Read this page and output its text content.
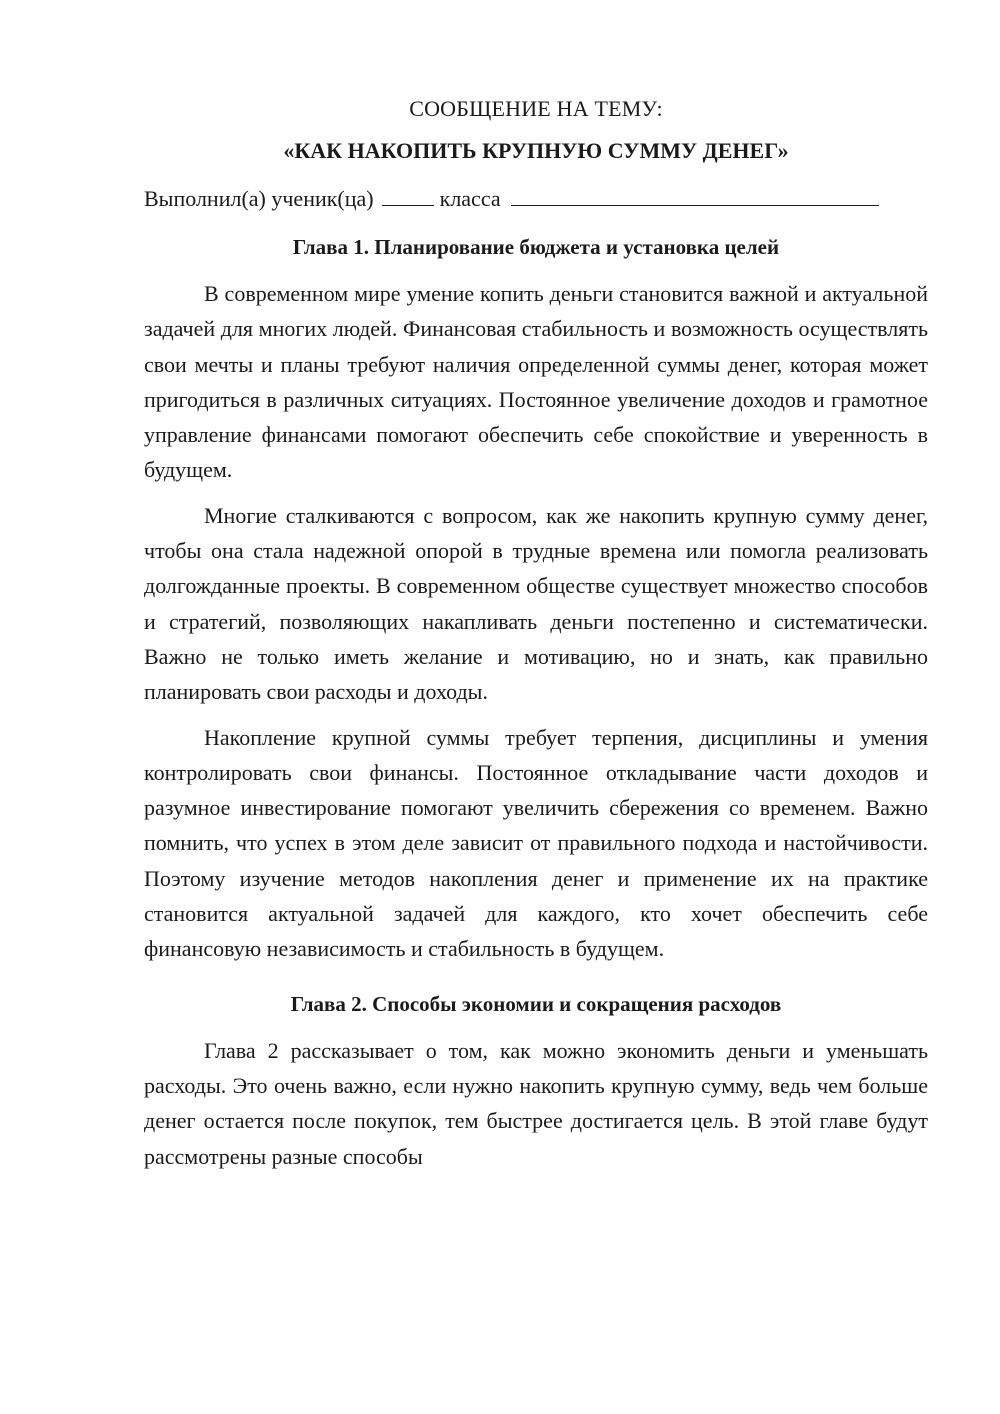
СООБЩЕНИЕ НА ТЕМУ:

«КАК НАКОПИТЬ КРУПНУЮ СУММУ ДЕНЕГ»

Выполнил(а) ученик(ца)	класса

Глава 1. Планирование бюджета и установка целей

В современном мире умение копить деньги становится важной и актуальной задачей для многих людей. Финансовая стабильность и возможность осуществлять свои мечты и планы требуют наличия определенной суммы денег, которая может пригодиться в различных ситуациях. Постоянное увеличение доходов и грамотное управление финансами помогают обеспечить себе спокойствие и уверенность в будущем.

Многие сталкиваются с вопросом, как же накопить крупную сумму денег, чтобы она стала надежной опорой в трудные времена или помогла реализовать долгожданные проекты. В современном обществе существует множество способов и стратегий, позволяющих накапливать деньги постепенно и систематически. Важно не только иметь желание и мотивацию, но и знать, как правильно планировать свои расходы и доходы.

Накопление крупной суммы требует терпения, дисциплины и умения контролировать свои финансы. Постоянное откладывание части доходов и разумное инвестирование помогают увеличить сбережения со временем. Важно помнить, что успех в этом деле зависит от правильного подхода и настойчивости. Поэтому изучение методов накопления денег и применение их на практике становится актуальной задачей для каждого, кто хочет обеспечить себе финансовую независимость и стабильность в будущем.

Глава 2. Способы экономии и сокращения расходов

Глава 2 рассказывает о том, как можно экономить деньги и уменьшать расходы. Это очень важно, если нужно накопить крупную сумму, ведь чем больше денег остается после покупок, тем быстрее достигается цель. В этой главе будут рассмотрены разные способы
